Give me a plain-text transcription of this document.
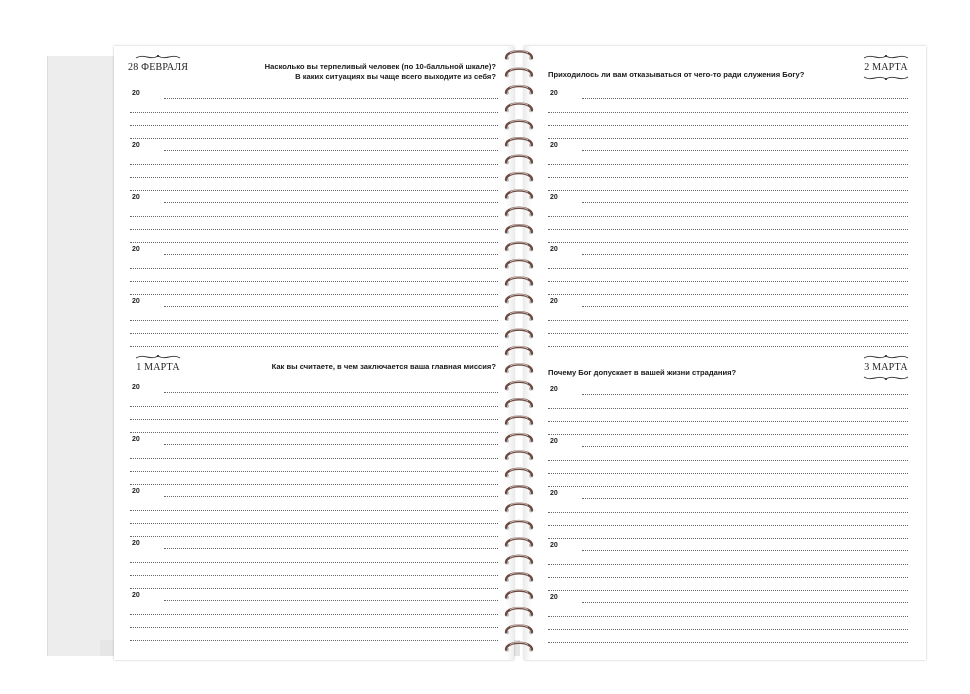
28 ФЕВРАЛЯ	Насколько вы терпеливый человек (по 10-балльной шкале)?
В каких ситуациях вы чаще всего выходите из себя?
20
20
20
20
20
1 МАРТА	Как вы считаете, в чем заключается ваша главная миссия?
20
20
20
20
20
2 МАРТА
Приходилось ли вам отказываться от чего-то ради служения Богу?
20
20
20
20
20
3 МАРТА
Почему Бог допускает в вашей жизни страдания?
20
20
20
20
20
